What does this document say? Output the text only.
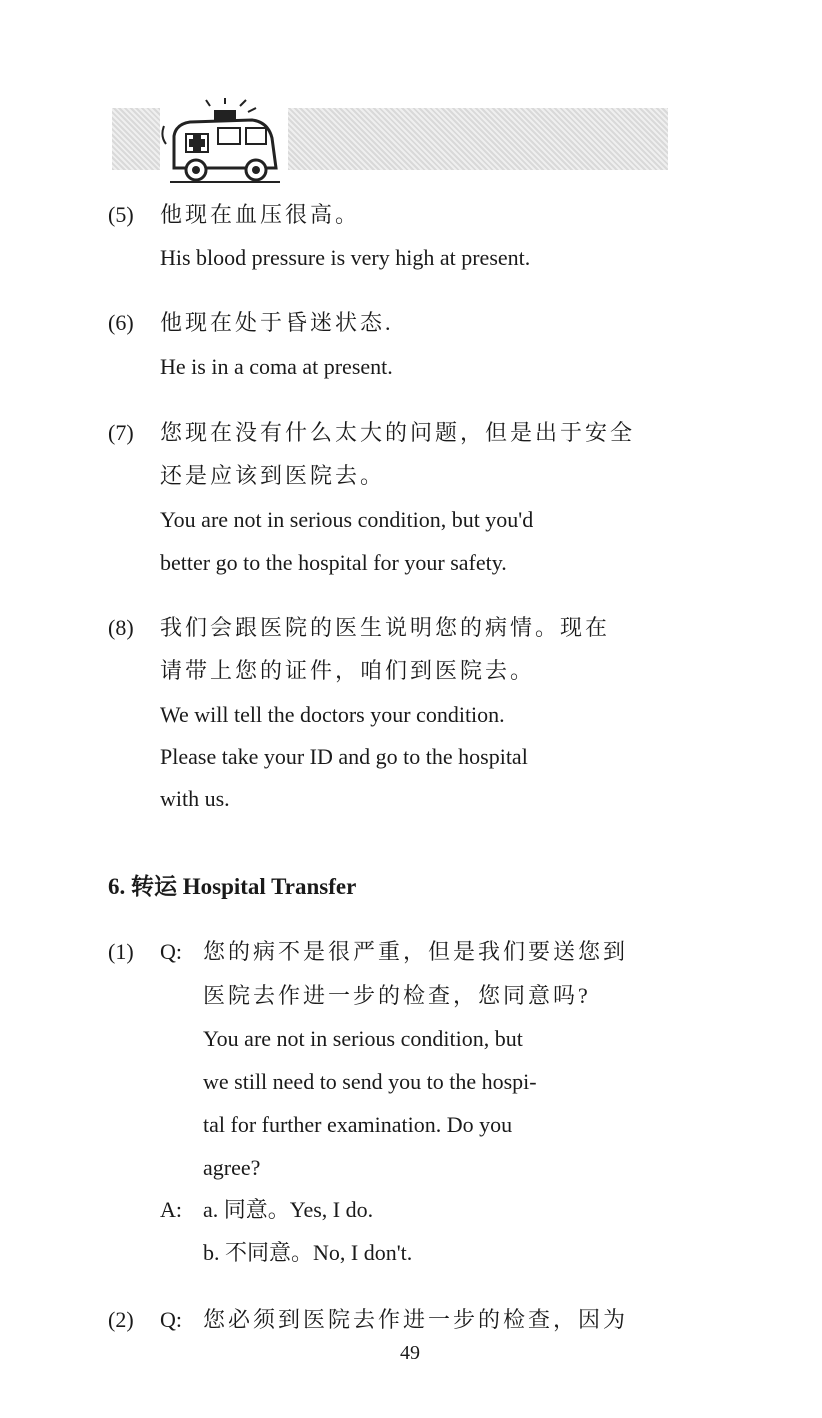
(5) 他现在血压很高。
His blood pressure is very high at present.
(6) 他现在处于昏迷状态.
He is in a coma at present.
(7) 您现在没有什么太大的问题，但是出于安全
还是应该到医院去。
You are not in serious condition, but you'd
better go to the hospital for your safety.
(8) 我们会跟医院的医生说明您的病情。现在
请带上您的证件，咱们到医院去。
We will tell the doctors your condition.
Please take your ID and go to the hospital
with us.
6. 转运 Hospital Transfer
(1) Q: 您的病不是很严重，但是我们要送您到
医院去作进一步的检查，您同意吗?
You are not in serious condition, but
we still need to send you to the hospi-
tal for further examination. Do you
agree?
A: a. 同意。Yes, I do.
b. 不同意。No, I don't.
(2) Q: 您必须到医院去作进一步的检查，因为
49
